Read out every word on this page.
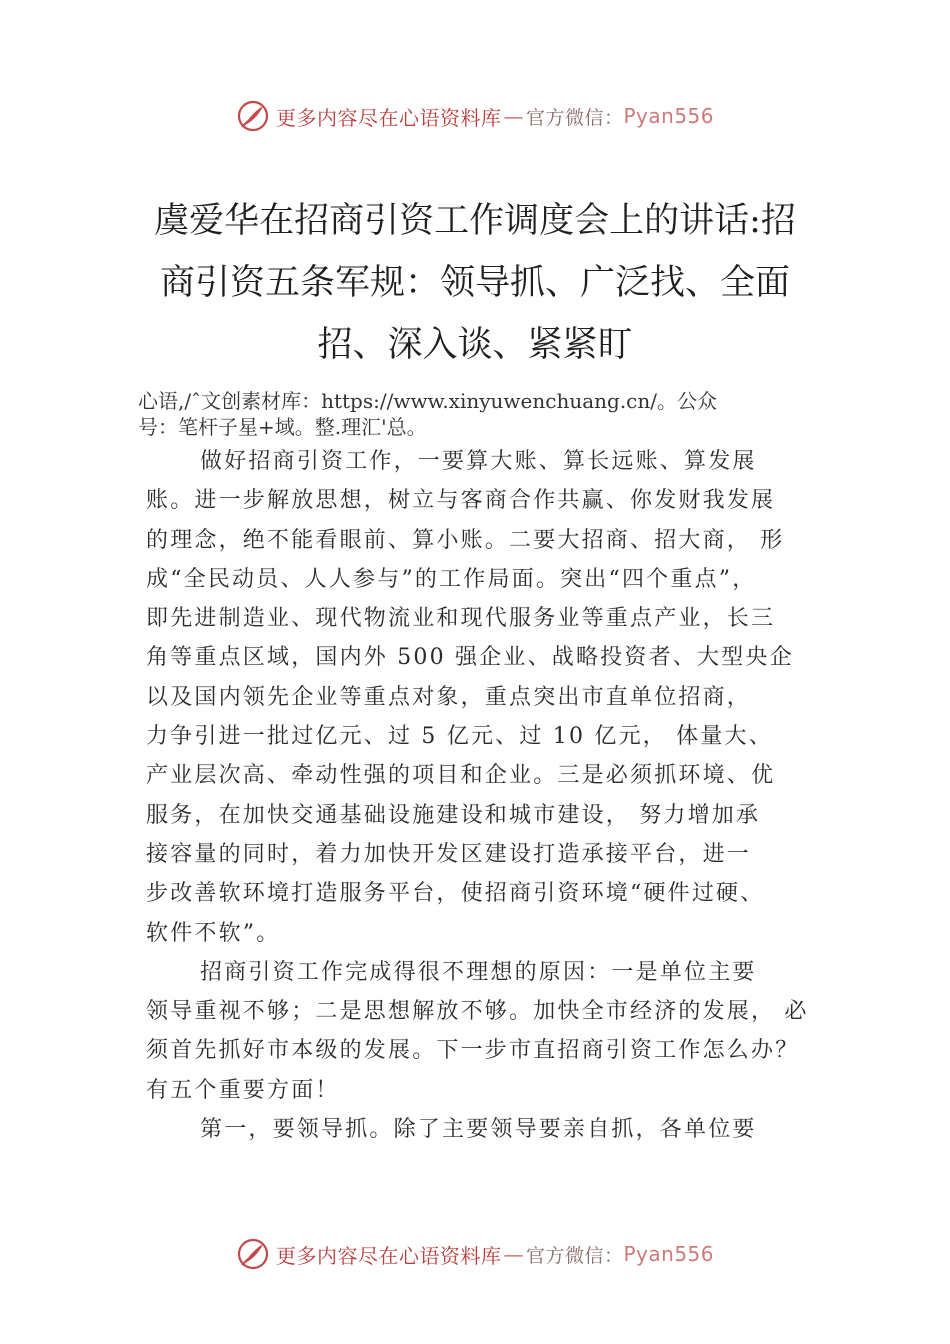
更多内容尽在心语资料库 — 官方微信： Pyan556
虞爱华在招商引资工作调度会上的讲话:招
商引资五条军规：领导抓、广泛找、全面
招、深入谈、紧紧盯
心语,/ˆ文创素材库：https://www.xinyuwenchuang.cn/。公众
号：笔杆子星+域。整.理汇'总。
做好招商引资工作，一要算大账、算长远账、算发展
账。进一步解放思想，树立与客商合作共赢、你发财我发展
的理念，绝不能看眼前、算小账。二要大招商、招大商， 形
成“全民动员、人人参与”的工作局面。突出“四个重点”，
即先进制造业、现代物流业和现代服务业等重点产业，长三
角等重点区域，国内外 500 强企业、战略投资者、大型央企
以及国内领先企业等重点对象，重点突出市直单位招商，
力争引进一批过亿元、过 5 亿元、过 10 亿元， 体量大、
产业层次高、牵动性强的项目和企业。三是必须抓环境、优
服务，在加快交通基础设施建设和城市建设， 努力增加承
接容量的同时，着力加快开发区建设打造承接平台，进一
步改善软环境打造服务平台，使招商引资环境“硬件过硬、
软件不软”。
招商引资工作完成得很不理想的原因：一是单位主要
领导重视不够；二是思想解放不够。加快全市经济的发展， 必
须首先抓好市本级的发展。下一步市直招商引资工作怎么办？
有五个重要方面！
第一，要领导抓。除了主要领导要亲自抓，各单位要
更多内容尽在心语资料库 — 官方微信： Pyan556
